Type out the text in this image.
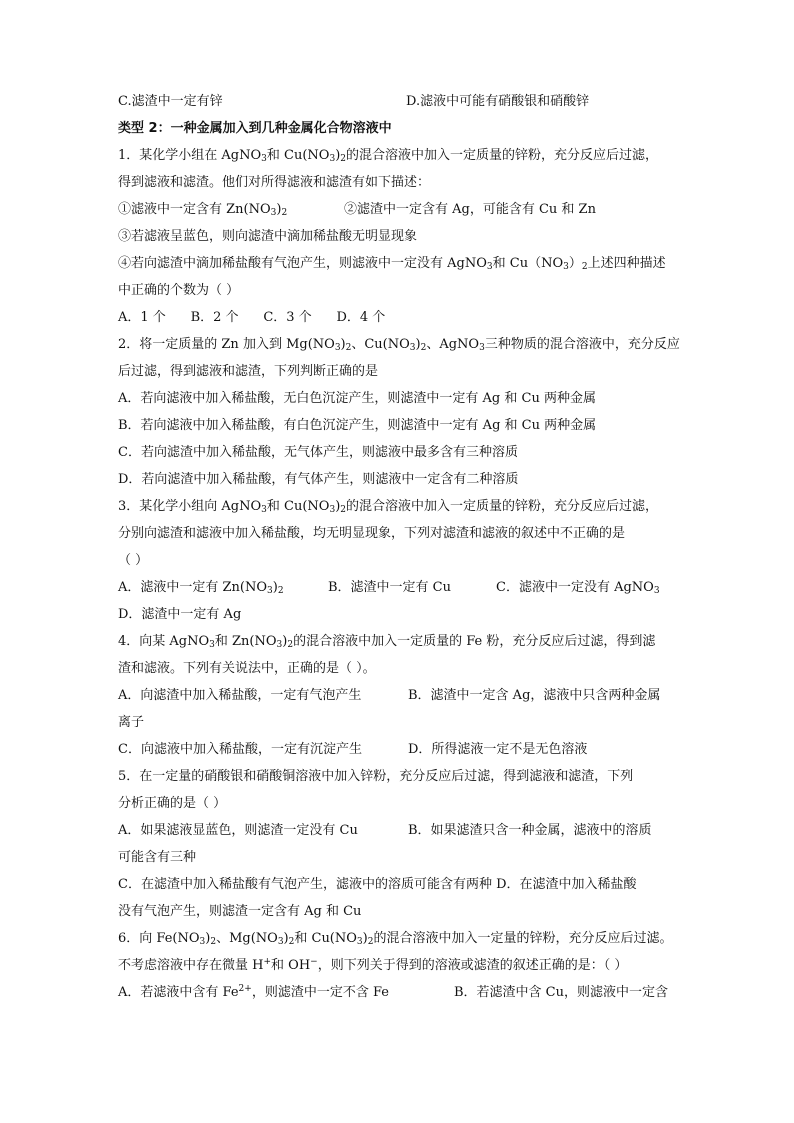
C.滤渣中一定有锌	D.滤液中可能有硝酸银和硝酸锌
类型 2：一种金属加入到几种金属化合物溶液中
1．某化学小组在 AgNO$_3$和 $Cu(NO_3)_2$的混合溶液中加入一定质量的锌粉，充分反应后过滤，
得到滤液和滤渣。他们对所得滤液和滤渣有如下描述：
①滤液中一定含有 $Zn(NO_3)_2$	②滤渣中一定含有 Ag，可能含有 Cu 和 Zn
③若滤液呈蓝色，则向滤渣中滴加稀盐酸无明显现象
④若向滤渣中滴加稀盐酸有气泡产生，则滤液中一定没有 AgNO$_3$和 $Cu(NO_3)_2$上述四种描述
中正确的个数为（ ）
A．1 个      B．2 个      C．3 个      D．4 个
2．将一定质量的 Zn 加入到 $Mg(NO_3)_2$、$Cu(NO_3)_2$、AgNO$_3$三种物质的混合溶液中，充分反应
后过滤，得到滤液和滤渣，下列判断正确的是
A．若向滤液中加入稀盐酸，无白色沉淀产生，则滤渣中一定有 Ag 和 Cu 两种金属
B．若向滤液中加入稀盐酸，有白色沉淀产生，则滤渣中一定有 Ag 和 Cu 两种金属
C．若向滤渣中加入稀盐酸，无气体产生，则滤液中最多含有三种溶质
D．若向滤渣中加入稀盐酸，有气体产生，则滤液中一定含有二种溶质
3．某化学小组向 AgNO$_3$和 $Cu(NO_3)_2$的混合溶液中加入一定质量的锌粉，充分反应后过滤，
分别向滤渣和滤液中加入稀盐酸，均无明显现象，下列对滤渣和滤液的叙述中不正确的是
（ ）
A．滤液中一定有 $Zn(NO_3)_2$	B．滤渣中一定有 Cu	C．滤液中一定没有 AgNO$_3$
D．滤渣中一定有 Ag
4．向某 AgNO$_3$和 $Zn(NO_3)_2$的混合溶液中加入一定质量的 Fe 粉，充分反应后过滤，得到滤
渣和滤液。下列有关说法中，正确的是（ ）。
A．向滤渣中加入稀盐酸，一定有气泡产生	B．滤渣中一定含 Ag，滤液中只含两种金属
离子
C．向滤液中加入稀盐酸，一定有沉淀产生	D．所得滤液一定不是无色溶液
5．在一定量的硝酸银和硝酸铜溶液中加入锌粉，充分反应后过滤，得到滤液和滤渣，下列
分析正确的是（ ）
A．如果滤液显蓝色，则滤渣一定没有 Cu	B．如果滤渣只含一种金属，滤液中的溶质
可能含有三种
C．在滤渣中加入稀盐酸有气泡产生，滤液中的溶质可能含有两种 D．在滤渣中加入稀盐酸
没有气泡产生，则滤渣一定含有 Ag 和 Cu
6．向 $Fe(NO_3)_2$、$Mg(NO_3)_2$和 $Cu(NO_3)_2$的混合溶液中加入一定量的锌粉，充分反应后过滤。
不考虑溶液中存在微量 H+和 OH−，则下列关于得到的溶液或滤渣的叙述正确的是：（ ）
A．若滤液中含有 $Fe^{2+}$，则滤渣中一定不含 Fe	B．若滤渣中含 Cu，则滤液中一定含
